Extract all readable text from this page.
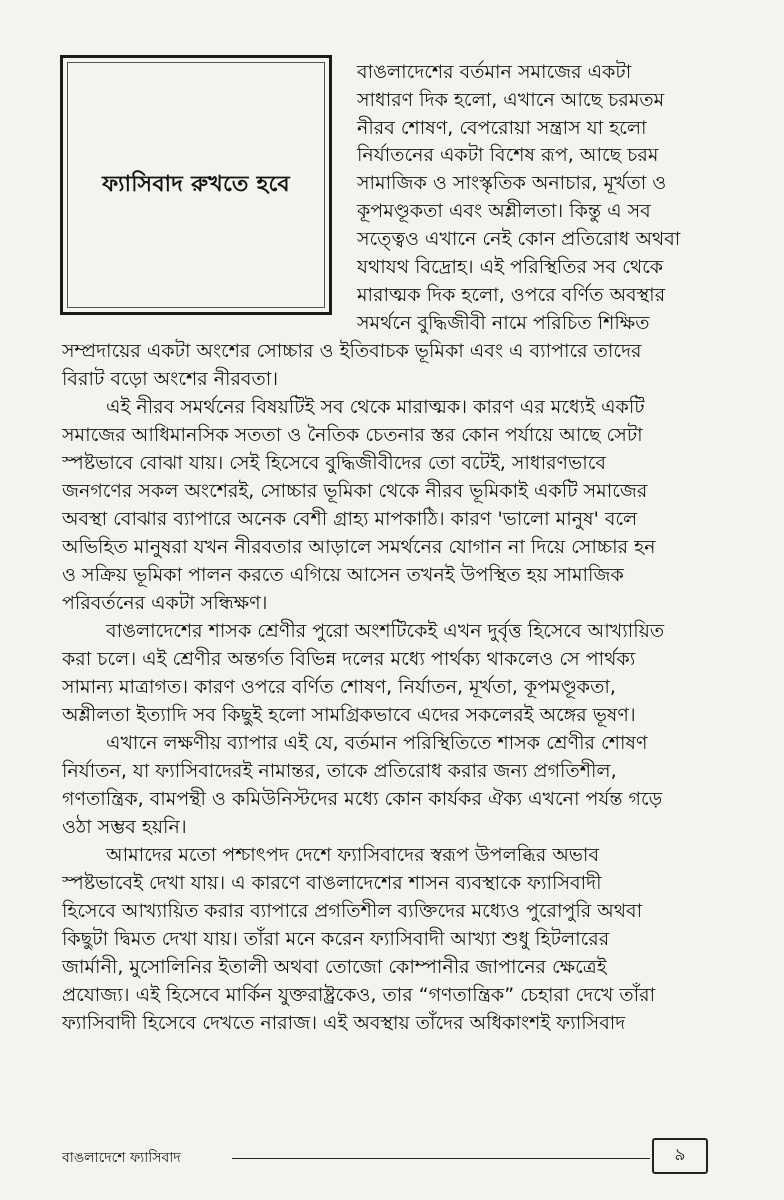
ফ্যাসিবাদ রুখতে হবে
বাঙলাদেশের বর্তমান সমাজের একটা
সাধারণ দিক হলো, এখানে আছে চরমতম
নীরব শোষণ, বেপরোয়া সন্ত্রাস যা হলো
নির্যাতনের একটা বিশেষ রূপ, আছে চরম
সামাজিক ও সাংস্কৃতিক অনাচার, মূর্খতা ও
কূপমণ্ডূকতা এবং অশ্লীলতা। কিন্তু এ সব
সত্ত্বেও এখানে নেই কোন প্রতিরোধ অথবা
যথাযথ বিদ্রোহ। এই পরিস্থিতির সব থেকে
মারাত্মক দিক হলো, ওপরে বর্ণিত অবস্থার
সমর্থনে বুদ্ধিজীবী নামে পরিচিত শিক্ষিত
সম্প্রদায়ের একটা অংশের সোচ্চার ও ইতিবাচক ভূমিকা এবং এ ব্যাপারে তাদের
বিরাট বড়ো অংশের নীরবতা।
এই নীরব সমর্থনের বিষয়টিই সব থেকে মারাত্মক। কারণ এর মধ্যেই একটি
সমাজের আধিমানসিক সততা ও নৈতিক চেতনার স্তর কোন পর্যায়ে আছে সেটা
স্পষ্টভাবে বোঝা যায়। সেই হিসেবে বুদ্ধিজীবীদের তো বটেই, সাধারণভাবে
জনগণের সকল অংশেরই, সোচ্চার ভূমিকা থেকে নীরব ভূমিকাই একটি সমাজের
অবস্থা বোঝার ব্যাপারে অনেক বেশী গ্রাহ্য মাপকাঠি। কারণ 'ভালো মানুষ' বলে
অভিহিত মানুষরা যখন নীরবতার আড়ালে সমর্থনের যোগান না দিয়ে সোচ্চার হন
ও সক্রিয় ভূমিকা পালন করতে এগিয়ে আসেন তখনই উপস্থিত হয় সামাজিক
পরিবর্তনের একটা সন্ধিক্ষণ।
বাঙলাদেশের শাসক শ্রেণীর পুরো অংশটিকেই এখন দুর্বৃত্ত হিসেবে আখ্যায়িত
করা চলে। এই শ্রেণীর অন্তর্গত বিভিন্ন দলের মধ্যে পার্থক্য থাকলেও সে পার্থক্য
সামান্য মাত্রাগত। কারণ ওপরে বর্ণিত শোষণ, নির্যাতন, মূর্খতা, কূপমণ্ডূকতা,
অশ্লীলতা ইত্যাদি সব কিছুই হলো সামগ্রিকভাবে এদের সকলেরই অঙ্গের ভূষণ।
এখানে লক্ষণীয় ব্যাপার এই যে, বর্তমান পরিস্থিতিতে শাসক শ্রেণীর শোষণ
নির্যাতন, যা ফ্যাসিবাদেরই নামান্তর, তাকে প্রতিরোধ করার জন্য প্রগতিশীল,
গণতান্ত্রিক, বামপন্থী ও কমিউনিস্টদের মধ্যে কোন কার্যকর ঐক্য এখনো পর্যন্ত গড়ে
ওঠা সম্ভব হয়নি।
আমাদের মতো পশ্চাৎপদ দেশে ফ্যাসিবাদের স্বরূপ উপলব্ধির অভাব
স্পষ্টভাবেই দেখা যায়। এ কারণে বাঙলাদেশের শাসন ব্যবস্থাকে ফ্যাসিবাদী
হিসেবে আখ্যায়িত করার ব্যাপারে প্রগতিশীল ব্যক্তিদের মধ্যেও পুরোপুরি অথবা
কিছুটা দ্বিমত দেখা যায়। তাঁরা মনে করেন ফ্যাসিবাদী আখ্যা শুধু হিটলারের
জার্মানী, মুসোলিনির ইতালী অথবা তোজো কোম্পানীর জাপানের ক্ষেত্রেই
প্রযোজ্য। এই হিসেবে মার্কিন যুক্তরাষ্ট্রকেও, তার “গণতান্ত্রিক” চেহারা দেখে তাঁরা
ফ্যাসিবাদী হিসেবে দেখতে নারাজ। এই অবস্থায় তাঁদের অধিকাংশই ফ্যাসিবাদ
বাঙলাদেশে ফ্যাসিবাদ	৯
